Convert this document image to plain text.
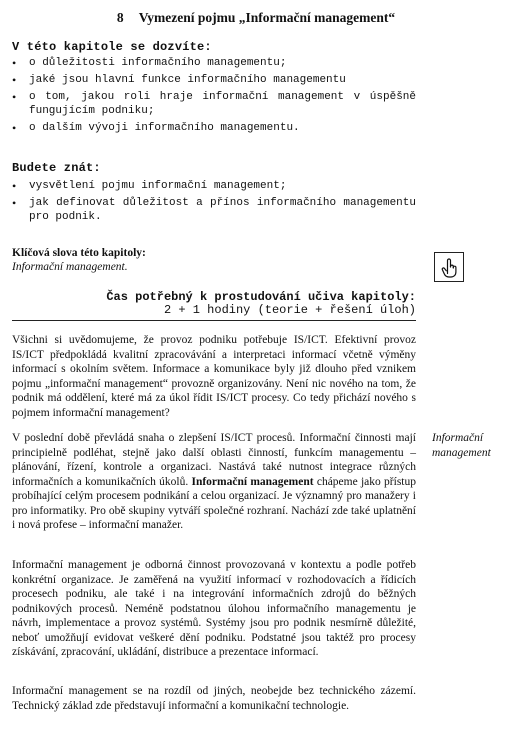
8 Vymezení pojmu „Informační management“
V této kapitole se dozvíte:
• o důležitosti informačního managementu;
• jaké jsou hlavní funkce informačního managementu
• o tom, jakou roli hraje informační management v úspěšně fungujícím podniku;
• o dalším vývoji informačního managementu.
Budete znát:
• vysvětlení pojmu informační management;
• jak definovat důležitost a přínos informačního managementu pro podnik.
Klíčová slova této kapitoly:
Informační management.
Čas potřebný k prostudování učiva kapitoly:
2 + 1 hodiny (teorie + řešení úloh)
Všichni si uvědomujeme, že provoz podniku potřebuje IS/ICT. Efektivní provoz IS/ICT předpokládá kvalitní zpracovávání a interpretaci informací včetně výměny informací s okolním světem. Informace a komunikace byly již dlouho před vznikem pojmu „informační management“ provozně organizovány. Není nic nového na tom, že podnik má oddělení, které má za úkol řídit IS/ICT procesy. Co tedy přichází nového s pojmem informační management?
V poslední době převládá snaha o zlepšení IS/ICT procesů. Informační činnosti mají principielně podléhat, stejně jako další oblasti činností, funkcím managementu – plánování, řízení, kontrole a organizaci. Nastává také nutnost integrace různých informačních a komunikačních úkolů. Informační management chápeme jako přístup probíhající celým procesem podnikání a celou organizací. Je významný pro manažery i pro informatiky. Pro obě skupiny vytváří společné rozhraní. Nachází zde také uplatnění i nová profese – informační manažer.
Informační management
Informační management je odborná činnost provozovaná v kontextu a podle potřeb konkrétní organizace. Je zaměřená na využití informací v rozhodovacích a řídicích procesech podniku, ale také i na integrování informačních zdrojů do běžných podnikových procesů. Neméně podstatnou úlohou informačního managementu je návrh, implementace a provoz systémů. Systémy jsou pro podnik nesmírně důležité, neboť umožňují evidovat veškeré dění podniku. Podstatné jsou taktéž pro procesy získávání, zpracování, ukládání, distribuce a prezentace informací.
Informační management se na rozdíl od jiných, neobejde bez technického zázemí. Technický základ zde představují informační a komunikační technologie.
